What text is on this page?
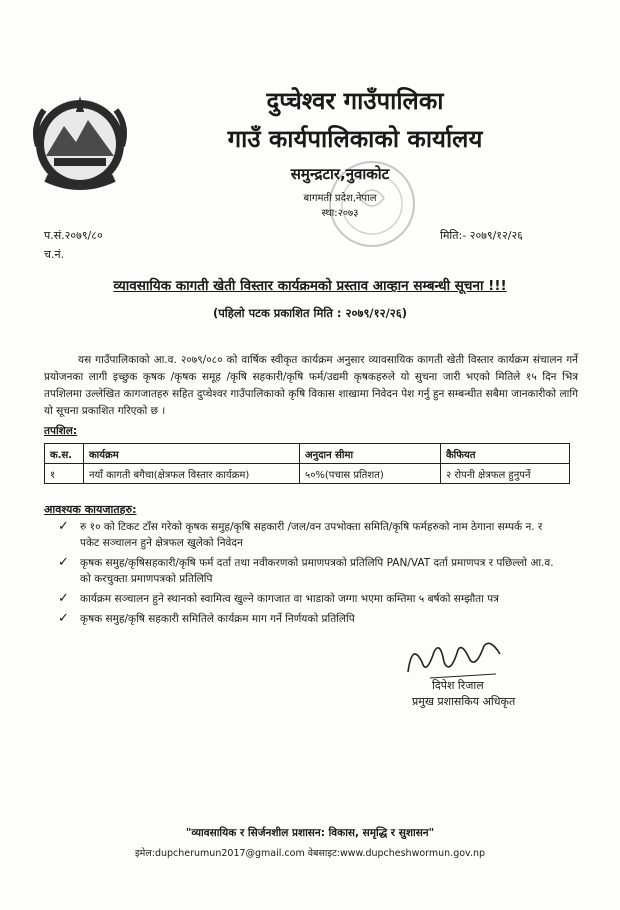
दुप्चेश्वर गाउँपालिका
गाउँ कार्यपालिकाको कार्यालय
समुन्द्रटार,नुवाकोट
बागमती प्रदेश,नेपाल
स्था:२०७३
प.सं.२०७९/८०
च.नं.
मिति:- २०७९/१२/२६
व्यावसायिक कागती खेती विस्तार कार्यक्रमको प्रस्ताव आव्हान सम्बन्धी सूचना !!!
(पहिलो पटक प्रकाशित मिति : २०७९/१२/२६)
यस गाउँपालिकाको आ.व. २०७९/०८० को वार्षिक स्वीकृत कार्यक्रम अनुसार व्यावसायिक कागती खेती विस्तार कार्यक्रम संचालन गर्ने प्रयोजनका लागी इच्छुक कृषक /कृषक समूह /कृषि सहकारी/कृषि फर्म/उद्यमी कृषकहरुले यो सुचना जारी भएको मितिले १५ दिन भित्र तपशिलमा उल्लेखित कागजातहरु सहित दुप्चेश्वर गाउँपालिकाको कृषि विकास शाखामा निवेदन पेश गर्नु हुन सम्बन्धीत सबैमा जानकारीको लागि यो सूचना प्रकाशित गरिएको छ ।
तपशिल:
क.स.	कार्यक्रम	अनुदान सीमा	कैफियत
१	नयाँ कागती बगैचा(क्षेत्रफल विस्तार कार्यक्रम)	५०%(पचास प्रतिशत)	२ रोपनी क्षेत्रफल हुनुपर्ने
आवश्यक कायजातहरु:
✓	रु १० को टिकट टाँस गरेको कृषक समुह/कृषि सहकारी /जल/वन उपभोक्ता समिति/कृषि फर्महरुको नाम ठेगाना सम्पर्क न. र पकेट सञ्चालन हुने क्षेत्रफल खुलेको निवेदन
✓	कृषक समुह/कृषिसहकारी/कृषि फर्म दर्ता तथा नवीकरणको प्रमाणपत्रको प्रतिलिपि PAN/VAT दर्ता प्रमाणपत्र र पछिल्लो आ.व. को करचुक्ता प्रमाणपत्रको प्रतिलिपि
✓	कार्यक्रम सञ्चालन हुने स्थानको स्वामित्व खुल्ने कागजात वा भाडाको जग्गा भएमा कम्तिमा ५ बर्षको सम्झौता पत्र
✓	कृषक समुह/कृषि सहकारी समितिले कार्यक्रम माग गर्ने निर्णयको प्रतिलिपि
दिपेश रिजाल
प्रमुख प्रशासकिय अधिकृत
"व्यावसायिक र सिर्जनशील प्रशासन: विकास, समृद्धि र सुशासन"
इमेल:dupcherumun2017@gmail.com वेबसाइट:www.dupcheshwormun.gov.np
